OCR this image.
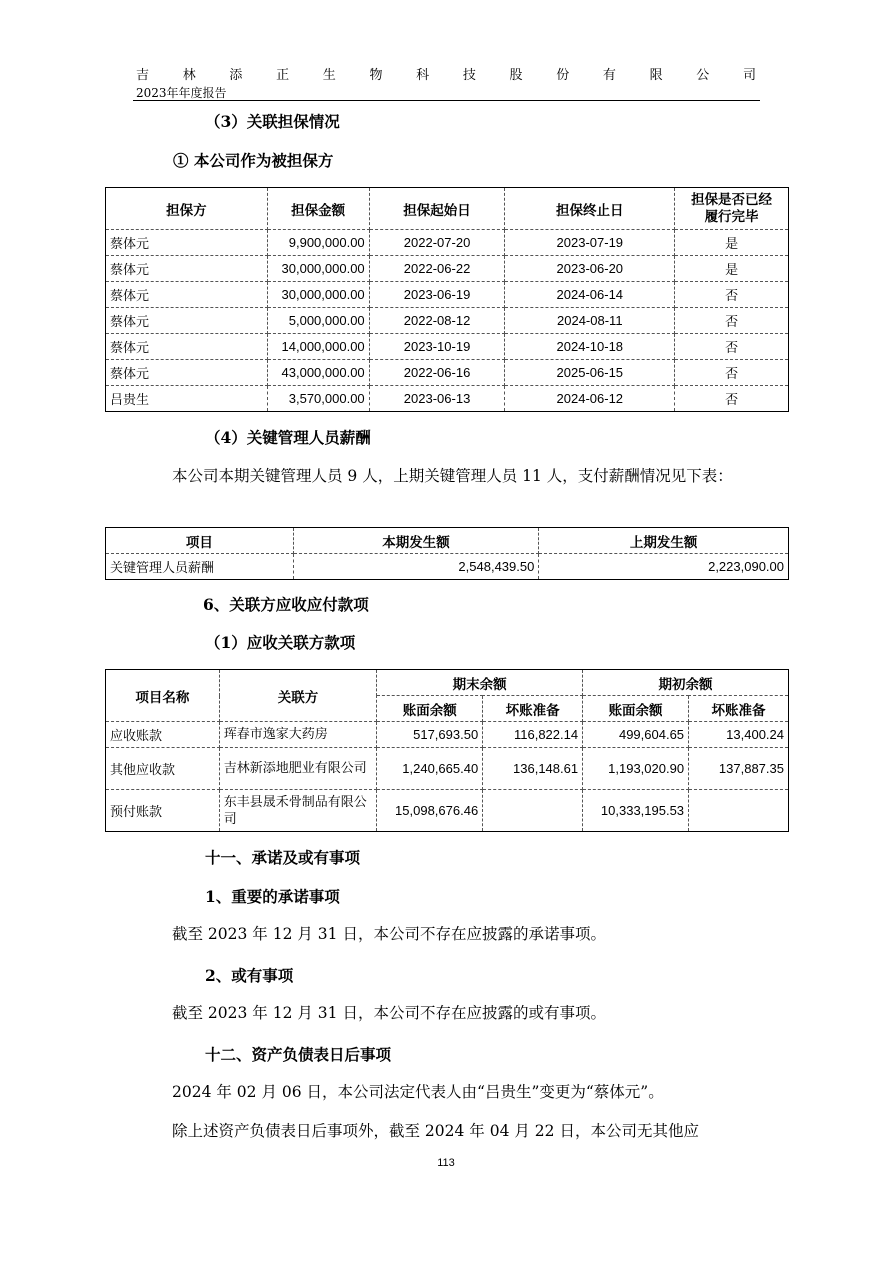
吉	林	添	正	生	物	科	技	股	份	有	限	公	司
2023年年度报告
（3）关联担保情况
① 本公司作为被担保方
担保方	担保金额	担保起始日	担保终止日	担保是否已经履行完毕
蔡体元	9,900,000.00	2022-07-20	2023-07-19	是
蔡体元	30,000,000.00	2022-06-22	2023-06-20	是
蔡体元	30,000,000.00	2023-06-19	2024-06-14	否
蔡体元	5,000,000.00	2022-08-12	2024-08-11	否
蔡体元	14,000,000.00	2023-10-19	2024-10-18	否
蔡体元	43,000,000.00	2022-06-16	2025-06-15	否
吕贵生	3,570,000.00	2023-06-13	2024-06-12	否
（4）关键管理人员薪酬
本公司本期关键管理人员 9 人，上期关键管理人员 11 人，支付薪酬情况见下表：
项目	本期发生额	上期发生额
关键管理人员薪酬	2,548,439.50	2,223,090.00
6、关联方应收应付款项
（1）应收关联方款项
项目名称	关联方	期末余额		期初余额	
		账面余额	坏账准备	账面余额	坏账准备
应收账款	珲春市逸家大药房	517,693.50	116,822.14	499,604.65	13,400.24
其他应收款	吉林新添地肥业有限公司	1,240,665.40	136,148.61	1,193,020.90	137,887.35
预付账款	东丰县晟禾骨制品有限公司	15,098,676.46		10,333,195.53	
十一、承诺及或有事项
1、重要的承诺事项
截至 2023 年 12 月 31 日，本公司不存在应披露的承诺事项。
2、或有事项
截至 2023 年 12 月 31 日，本公司不存在应披露的或有事项。
十二、资产负债表日后事项
2024 年 02 月 06 日，本公司法定代表人由“吕贵生”变更为“蔡体元”。
除上述资产负债表日后事项外，截至 2024 年 04 月 22 日，本公司无其他应
113
